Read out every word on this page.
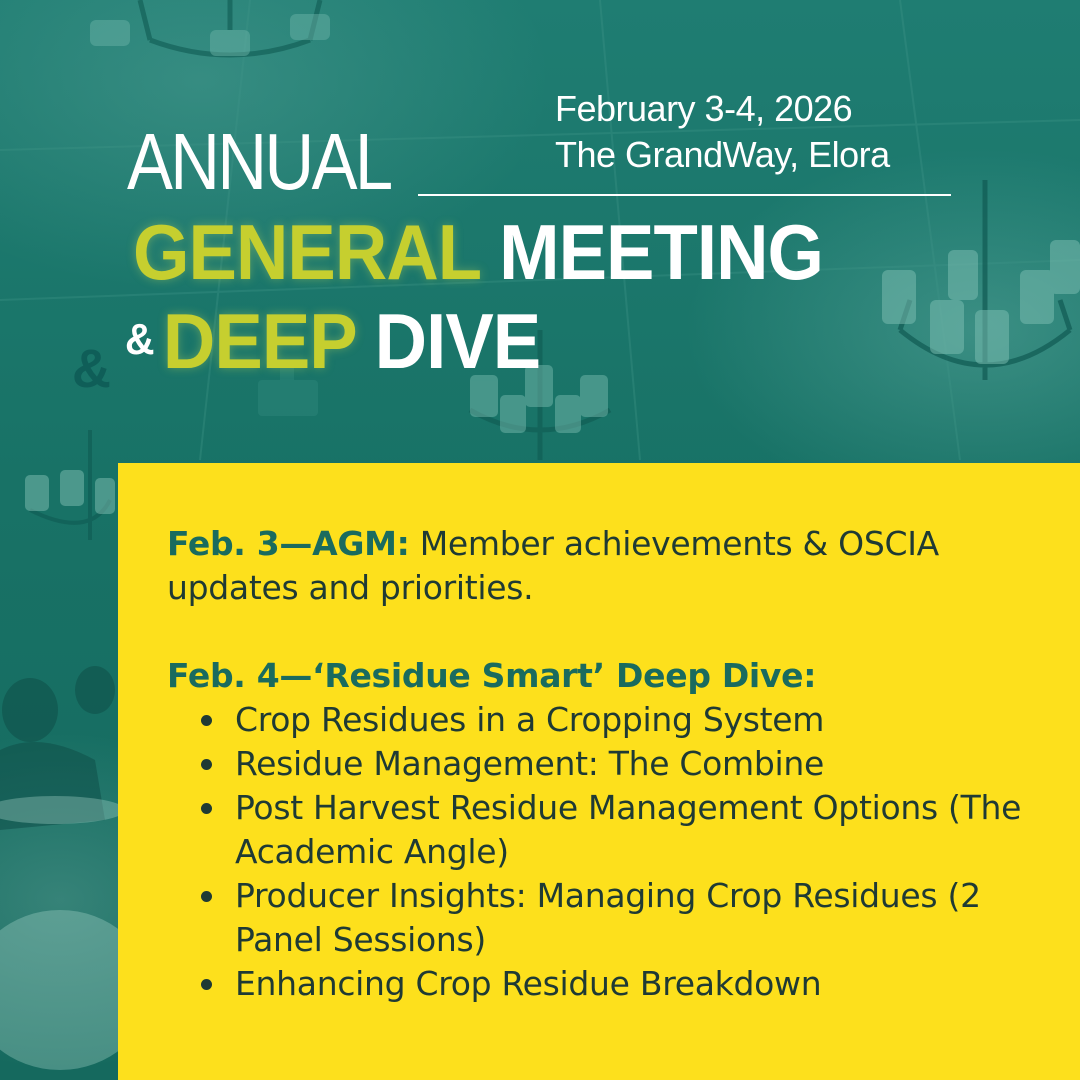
&
February 3-4, 2026
The GrandWay, Elora
ANNUAL
GENERAL MEETING
& DEEP DIVE

Feb. 3—AGM: Member achievements & OSCIA updates and priorities.

Feb. 4—‘Residue Smart’ Deep Dive:

Crop Residues in a Cropping System
Residue Management: The Combine
Post Harvest Residue Management Options (The Academic Angle)
Producer Insights: Managing Crop Residues (2 Panel Sessions)
Enhancing Crop Residue Breakdown
